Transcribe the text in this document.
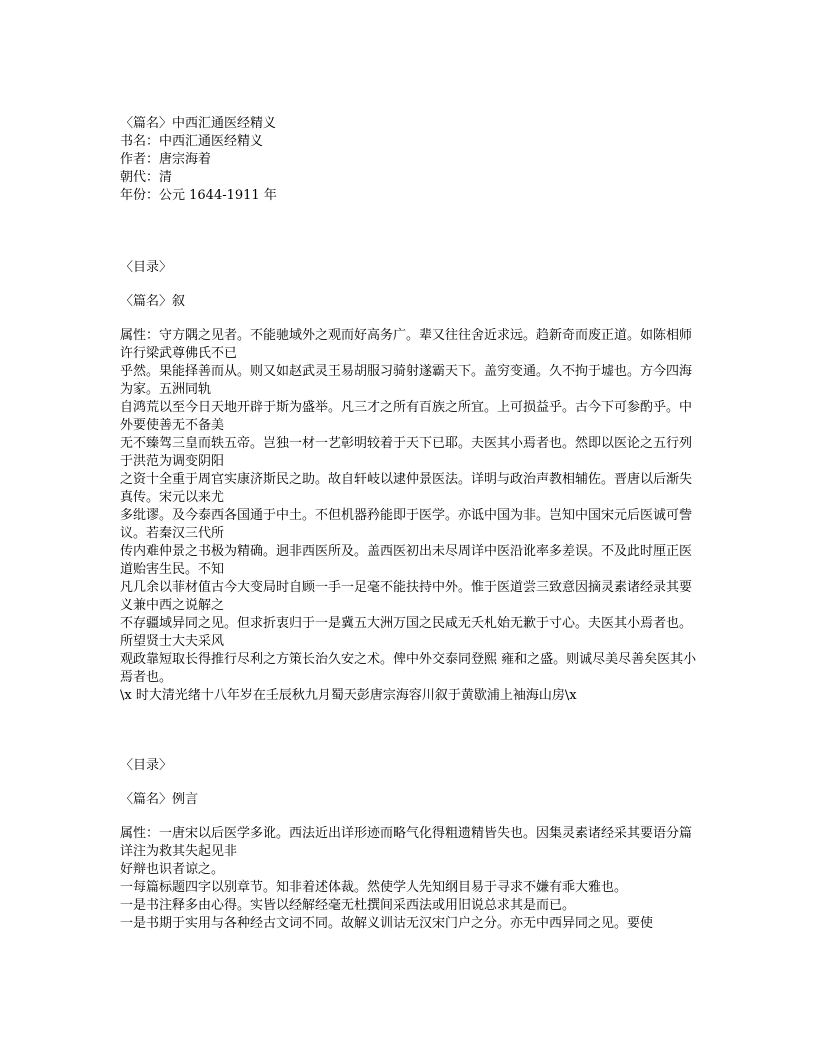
〈篇名〉中西汇通医经精义

书名：中西汇通医经精义

作者：唐宗海着

朝代：清

年份：公元 1644-1911 年

〈目录〉

〈篇名〉叙

属性：守方隅之见者。不能驰域外之观而好高务广。辈又往往舍近求远。趋新奇而废正道。如陈相师许行梁武尊佛氏不已

乎然。果能择善而从。则又如赵武灵王易胡服习骑射遂霸天下。盖穷变通。久不拘于墟也。方今四海为家。五洲同轨

自鸿荒以至今日天地开辟于斯为盛举。凡三才之所有百族之所宜。上可损益乎。古今下可参酌乎。中外要使善无不备美

无不臻驾三皇而轶五帝。岂独一材一艺彰明较着于天下已耶。夫医其小焉者也。然即以医论之五行列于洪范为调变阴阳

之资十全重于周官实康济斯民之助。故自轩岐以逮仲景医法。详明与政治声教相辅佐。晋唐以后渐失真传。宋元以来尤

多纰谬。及今泰西各国通于中土。不但机器矜能即于医学。亦诋中国为非。岂知中国宋元后医诚可訾议。若秦汉三代所

传内难仲景之书极为精确。迥非西医所及。盖西医初出未尽周详中医沿讹率多差误。不及此时厘正医道贻害生民。不知

凡几余以菲材值古今大变局时自顾一手一足毫不能扶持中外。惟于医道尝三致意因摘灵素诸经录其要义兼中西之说解之

不存疆域异同之见。但求折衷归于一是冀五大洲万国之民咸无夭札始无歉于寸心。夫医其小焉者也。所望贤士大夫采风

观政靠短取长得推行尽利之方策长治久安之术。俾中外交泰同登熙 雍和之盛。则诚尽美尽善矣医其小焉者也。

\x 时大清光绪十八年岁在壬辰秋九月蜀天彭唐宗海容川叙于黄歇浦上袖海山房\x

〈目录〉

〈篇名〉例言

属性：一唐宋以后医学多讹。西法近出详形迹而略气化得粗遗精皆失也。因集灵素诸经采其要语分篇详注为救其失起见非

好辩也识者谅之。

一每篇标题四字以别章节。知非着述体裁。然使学人先知纲目易于寻求不嫌有乖大雅也。

一是书注释多由心得。实皆以经解经毫无杜撰间采西法或用旧说总求其是而已。

一是书期于实用与各种经古文词不同。故解义训诂无汉宋门户之分。亦无中西异同之见。要使
